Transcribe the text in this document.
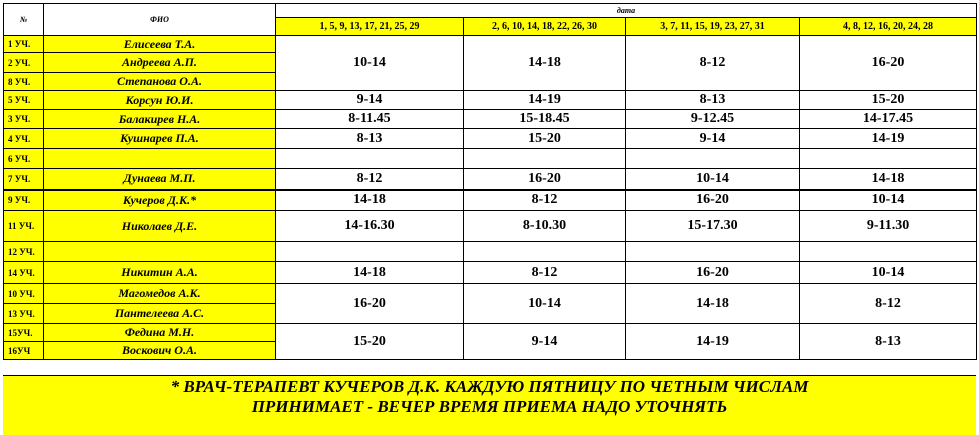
№	ФИО	дата			
		1, 5, 9, 13, 17, 21, 25, 29	2, 6, 10, 14, 18, 22, 26, 30	3, 7, 11, 15, 19, 23, 27, 31	4, 8, 12, 16, 20, 24, 28
1 УЧ.	Елисеева Т.А.	10-14	14-18	8-12	16-20
2 УЧ.	Андреева А.П.				
8 УЧ.	Степанова О.А.				
5 УЧ.	Корсун Ю.И.	9-14	14-19	8-13	15-20
3 УЧ.	Балакирев Н.А.	8-11.45	15-18.45	9-12.45	14-17.45
4 УЧ.	Кушнарев П.А.	8-13	15-20	9-14	14-19
6 УЧ.					
7 УЧ.	Дунаева М.П.	8-12	16-20	10-14	14-18
9 УЧ.	Кучеров Д.К.*	14-18	8-12	16-20	10-14
11 УЧ.	Николаев Д.Е.	14-16.30	8-10.30	15-17.30	9-11.30
12 УЧ.					
14 УЧ.	Никитин А.А.	14-18	8-12	16-20	10-14
10 УЧ.	Магомедов А.К.	16-20	10-14	14-18	8-12
13 УЧ.	Пантелеева А.С.				
15УЧ.	Федина М.Н.	15-20	9-14	14-19	8-13
16УЧ	Воскович О.А.				
* ВРАЧ-ТЕРАПЕВТ КУЧЕРОВ Д.К. КАЖДУЮ ПЯТНИЦУ ПО ЧЕТНЫМ ЧИСЛАМ
ПРИНИМАЕТ - ВЕЧЕР ВРЕМЯ ПРИЕМА НАДО УТОЧНЯТЬ
